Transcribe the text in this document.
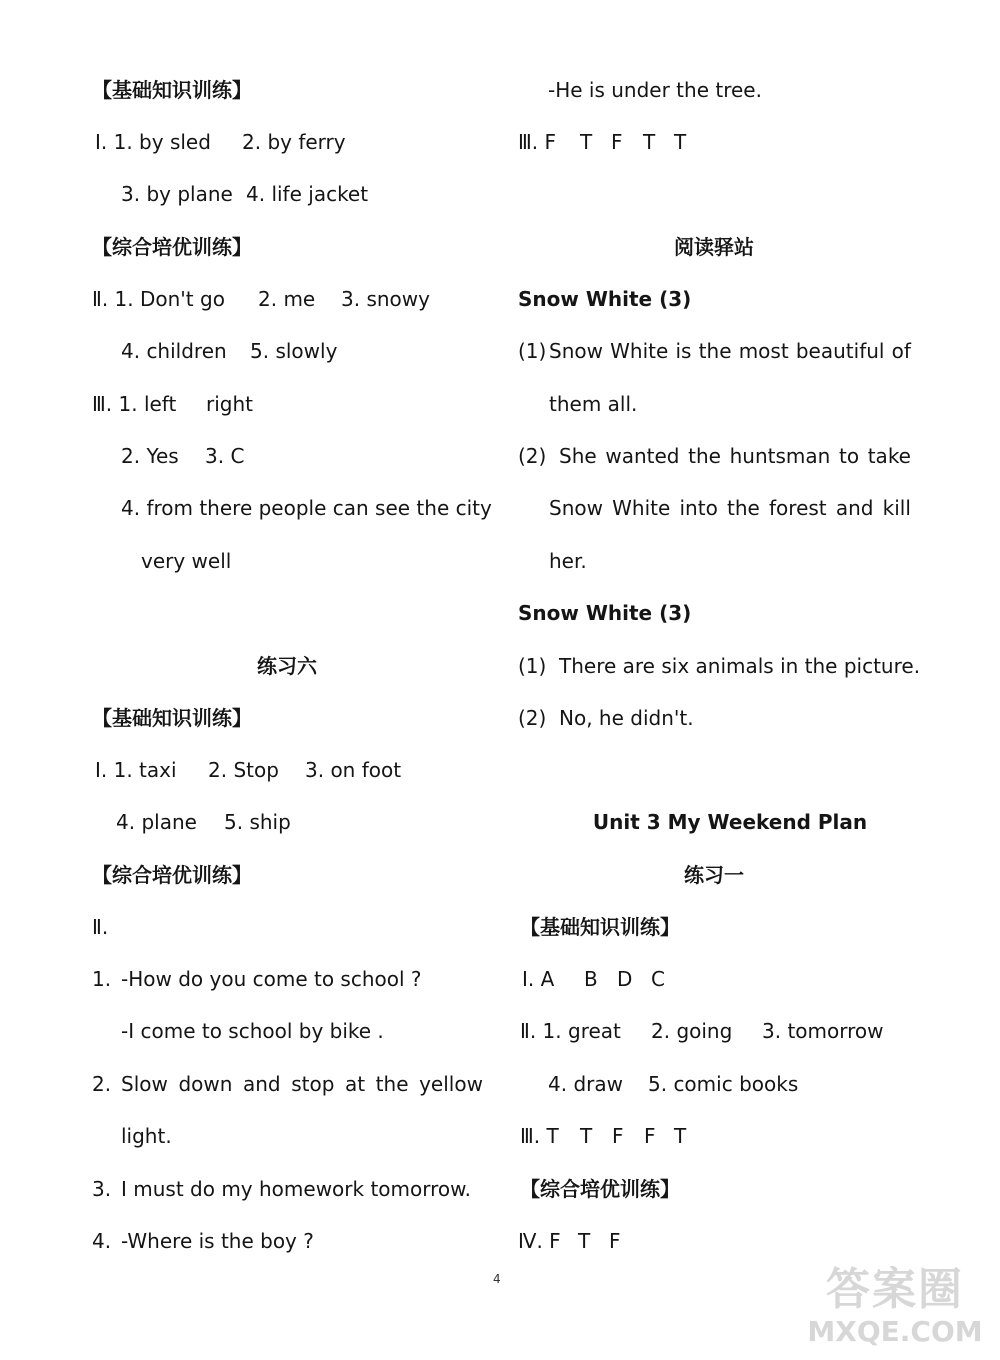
【基础知识训练】
Ⅰ. 1. by sled 2. by ferry
3. by plane 4. life jacket
【综合培优训练】
Ⅱ. 1. Don't go 2. me 3. snowy
4. children 5. slowly
Ⅲ. 1. left right
2. Yes 3. C
4. from there people can see the city
very well
练习六
【基础知识训练】
Ⅰ. 1. taxi 2. Stop 3. on foot
4. plane 5. ship
【综合培优训练】
Ⅱ.
1. -How do you come to school ?
-I come to school by bike .
2. Slow down and stop at the yellow
light.
3. I must do my homework tomorrow.
4. -Where is the boy ?
-He is under the tree.
Ⅲ. F T F T T
阅读驿站
Snow White (3)
(1) Snow White is the most beautiful of
them all.
(2) She wanted the huntsman to take
Snow White into the forest and kill
her.
Snow White (3)
(1) There are six animals in the picture.
(2) No, he didn't.
Unit 3 My Weekend Plan
练习一
【基础知识训练】
Ⅰ. A B D C
Ⅱ. 1. great 2. going 3. tomorrow
4. draw 5. comic books
Ⅲ. T T F F T
【综合培优训练】
Ⅳ. F T F
4	答案圈
MXQE.COM
